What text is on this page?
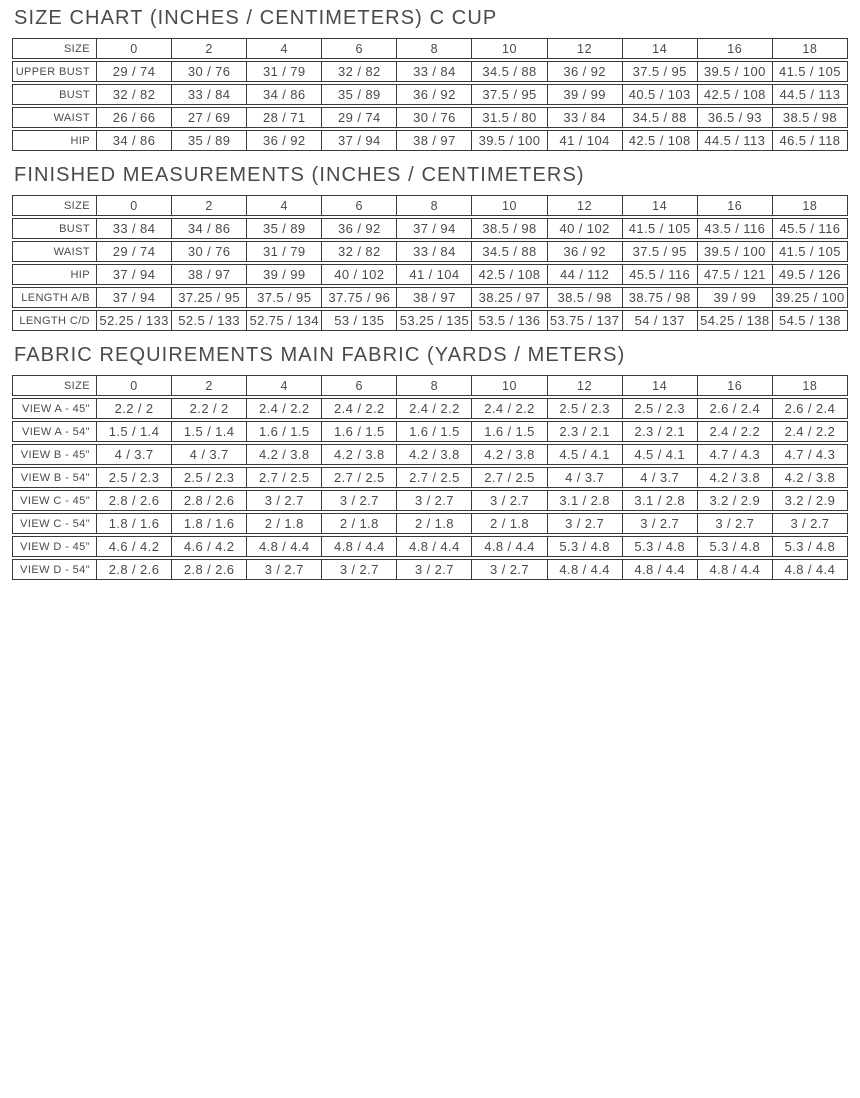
SIZE CHART (INCHES / CENTIMETERS) C CUP
SIZE	0	2	4	6	8	10	12	14	16	18
UPPER BUST	29 / 74	30 / 76	31 / 79	32 / 82	33 / 84	34.5 / 88	36 / 92	37.5 / 95	39.5 / 100	41.5 / 105
BUST	32 / 82	33 / 84	34 / 86	35 / 89	36 / 92	37.5 / 95	39 / 99	40.5 / 103	42.5 / 108	44.5 / 113
WAIST	26 / 66	27 / 69	28 / 71	29 / 74	30 / 76	31.5 / 80	33 / 84	34.5 / 88	36.5 / 93	38.5 / 98
HIP	34 / 86	35 / 89	36 / 92	37 / 94	38 / 97	39.5 / 100	41 / 104	42.5 / 108	44.5 / 113	46.5 / 118
FINISHED MEASUREMENTS (INCHES / CENTIMETERS)
SIZE	0	2	4	6	8	10	12	14	16	18
BUST	33 / 84	34 / 86	35 / 89	36 / 92	37 / 94	38.5 / 98	40 / 102	41.5 / 105	43.5 / 116	45.5 / 116
WAIST	29 / 74	30 / 76	31 / 79	32 / 82	33 / 84	34.5 / 88	36 / 92	37.5 / 95	39.5 / 100	41.5 / 105
HIP	37 / 94	38 / 97	39 / 99	40 / 102	41 / 104	42.5 / 108	44 / 112	45.5 / 116	47.5 / 121	49.5 / 126
LENGTH A/B	37 / 94	37.25 / 95	37.5 / 95	37.75 / 96	38 / 97	38.25 / 97	38.5 / 98	38.75 / 98	39 / 99	39.25 / 100
LENGTH C/D	52.25 / 133	52.5 / 133	52.75 / 134	53 / 135	53.25 / 135	53.5 / 136	53.75 / 137	54 / 137	54.25 / 138	54.5 / 138
FABRIC REQUIREMENTS MAIN FABRIC (YARDS / METERS)
SIZE	0	2	4	6	8	10	12	14	16	18
VIEW A - 45"	2.2 / 2	2.2 / 2	2.4 / 2.2	2.4 / 2.2	2.4 / 2.2	2.4 / 2.2	2.5 / 2.3	2.5 / 2.3	2.6 / 2.4	2.6 / 2.4
VIEW A - 54"	1.5 / 1.4	1.5 / 1.4	1.6 / 1.5	1.6 / 1.5	1.6 / 1.5	1.6 / 1.5	2.3 / 2.1	2.3 / 2.1	2.4 / 2.2	2.4 / 2.2
VIEW B - 45"	4 / 3.7	4 / 3.7	4.2 / 3.8	4.2 / 3.8	4.2 / 3.8	4.2 / 3.8	4.5 / 4.1	4.5 / 4.1	4.7 / 4.3	4.7 / 4.3
VIEW B - 54"	2.5 / 2.3	2.5 / 2.3	2.7 / 2.5	2.7 / 2.5	2.7 / 2.5	2.7 / 2.5	4 / 3.7	4 / 3.7	4.2 / 3.8	4.2 / 3.8
VIEW C - 45"	2.8 / 2.6	2.8 / 2.6	3 / 2.7	3 / 2.7	3 / 2.7	3 / 2.7	3.1 / 2.8	3.1 / 2.8	3.2 / 2.9	3.2 / 2.9
VIEW C - 54"	1.8 / 1.6	1.8 / 1.6	2 / 1.8	2 / 1.8	2 / 1.8	2 / 1.8	3 / 2.7	3 / 2.7	3 / 2.7	3 / 2.7
VIEW D - 45"	4.6 / 4.2	4.6 / 4.2	4.8 / 4.4	4.8 / 4.4	4.8 / 4.4	4.8 / 4.4	5.3 / 4.8	5.3 / 4.8	5.3 / 4.8	5.3 / 4.8
VIEW D - 54"	2.8 / 2.6	2.8 / 2.6	3 / 2.7	3 / 2.7	3 / 2.7	3 / 2.7	4.8 / 4.4	4.8 / 4.4	4.8 / 4.4	4.8 / 4.4
